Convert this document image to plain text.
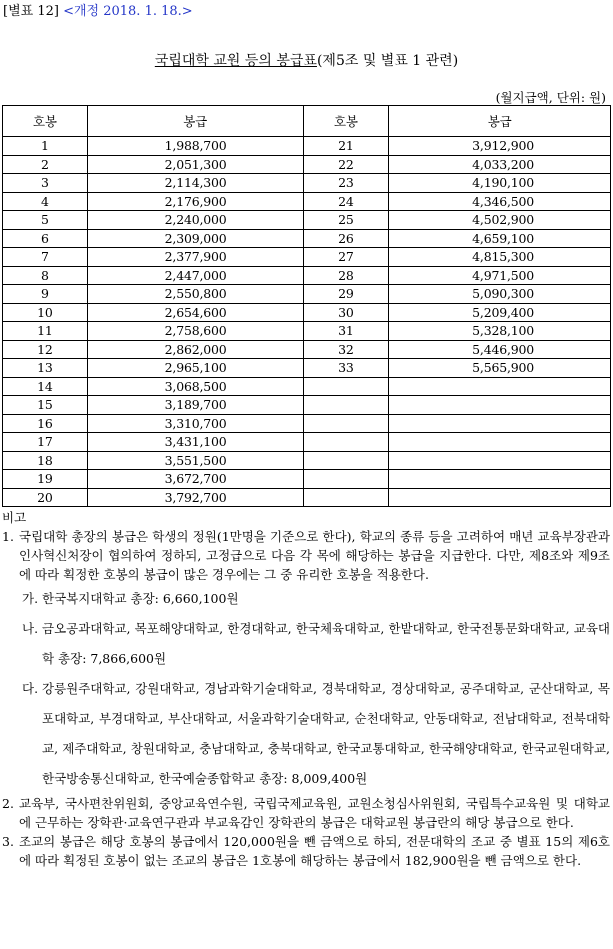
[별표 12] <개정 2018. 1. 18.>
국립대학 교원 등의 봉급표(제5조 및 별표 1 관련)
(월지급액, 단위: 원)
호봉	봉급	호봉	봉급
1	1,988,700	21	3,912,900
2	2,051,300	22	4,033,200
3	2,114,300	23	4,190,100
4	2,176,900	24	4,346,500
5	2,240,000	25	4,502,900
6	2,309,000	26	4,659,100
7	2,377,900	27	4,815,300
8	2,447,000	28	4,971,500
9	2,550,800	29	5,090,300
10	2,654,600	30	5,209,400
11	2,758,600	31	5,328,100
12	2,862,000	32	5,446,900
13	2,965,100	33	5,565,900
14	3,068,500		
15	3,189,700		
16	3,310,700		
17	3,431,100		
18	3,551,500		
19	3,672,700		
20	3,792,700		

비고

1. 국립대학 총장의 봉급은 학생의 정원(1만명을 기준으로 한다), 학교의 종류 등을 고려하여 매년 교육부장관과 인사혁신처장이 협의하여 정하되, 고정급으로 다음 각 목에 해당하는 봉급을 지급한다. 다만, 제8조와 제9조에 따라 획정한 호봉의 봉급이 많은 경우에는 그 중 유리한 호봉을 적용한다.
가. 한국복지대학교 총장: 6,660,100원
나. 금오공과대학교, 목포해양대학교, 한경대학교, 한국체육대학교, 한밭대학교, 한국전통문화대학교, 교육대학 총장: 7,866,600원
다. 강릉원주대학교, 강원대학교, 경남과학기술대학교, 경북대학교, 경상대학교, 공주대학교, 군산대학교, 목포대학교, 부경대학교, 부산대학교, 서울과학기술대학교, 순천대학교, 안동대학교, 전남대학교, 전북대학교, 제주대학교, 창원대학교, 충남대학교, 충북대학교, 한국교통대학교, 한국해양대학교, 한국교원대학교, 한국방송통신대학교, 한국예술종합학교 총장: 8,009,400원
2. 교육부, 국사편찬위원회, 중앙교육연수원, 국립국제교육원, 교원소청심사위원회, 국립특수교육원 및 대학교에 근무하는 장학관·교육연구관과 부교육감인 장학관의 봉급은 대학교원 봉급란의 해당 봉급으로 한다.
3. 조교의 봉급은 해당 호봉의 봉급에서 120,000원을 뺀 금액으로 하되, 전문대학의 조교 중 별표 15의 제6호에 따라 획정된 호봉이 없는 조교의 봉급은 1호봉에 해당하는 봉급에서 182,900원을 뺀 금액으로 한다.
